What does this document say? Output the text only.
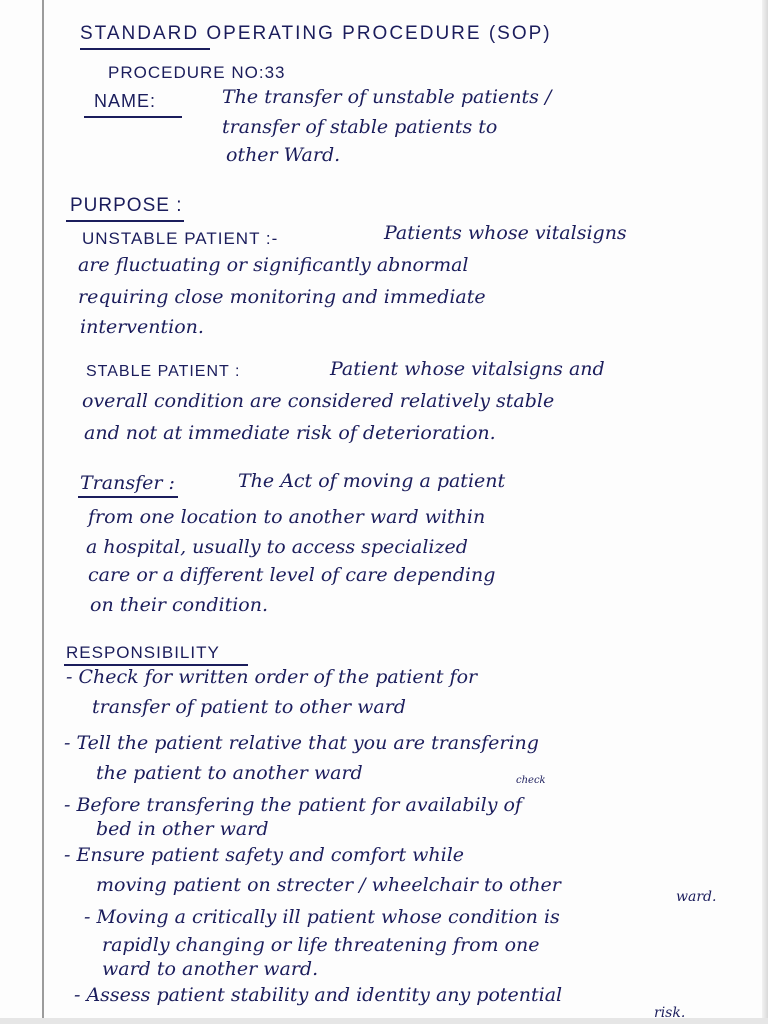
STANDARD OPERATING PROCEDURE (SOP)

PROCEDURE NO:33

NAME:	The transfer of unstable patients /

transfer of stable patients to

other Ward.

PURPOSE :

UNSTABLE PATIENT :-	Patients whose vitalsigns

are fluctuating or significantly abnormal

requiring close monitoring and immediate

intervention.

STABLE PATIENT :	Patient whose vitalsigns and

overall condition are considered relatively stable

and not at immediate risk of deterioration.

Transfer :	The Act of moving a patient

from one location to another ward within

a hospital, usually to access specialized

care or a different level of care depending

on their condition.

RESPONSIBILITY

- Check for written order of the patient for

transfer of patient to other ward

- Tell the patient relative that you are transfering

the patient to another ward	check

- Before transfering the patient for availabily of

bed in other ward

- Ensure patient safety and comfort while

moving patient on strecter / wheelchair to other

ward.

- Moving a critically ill patient whose condition is

rapidly changing or life threatening from one

ward to another ward.

- Assess patient stability and identity any potential

risk.
